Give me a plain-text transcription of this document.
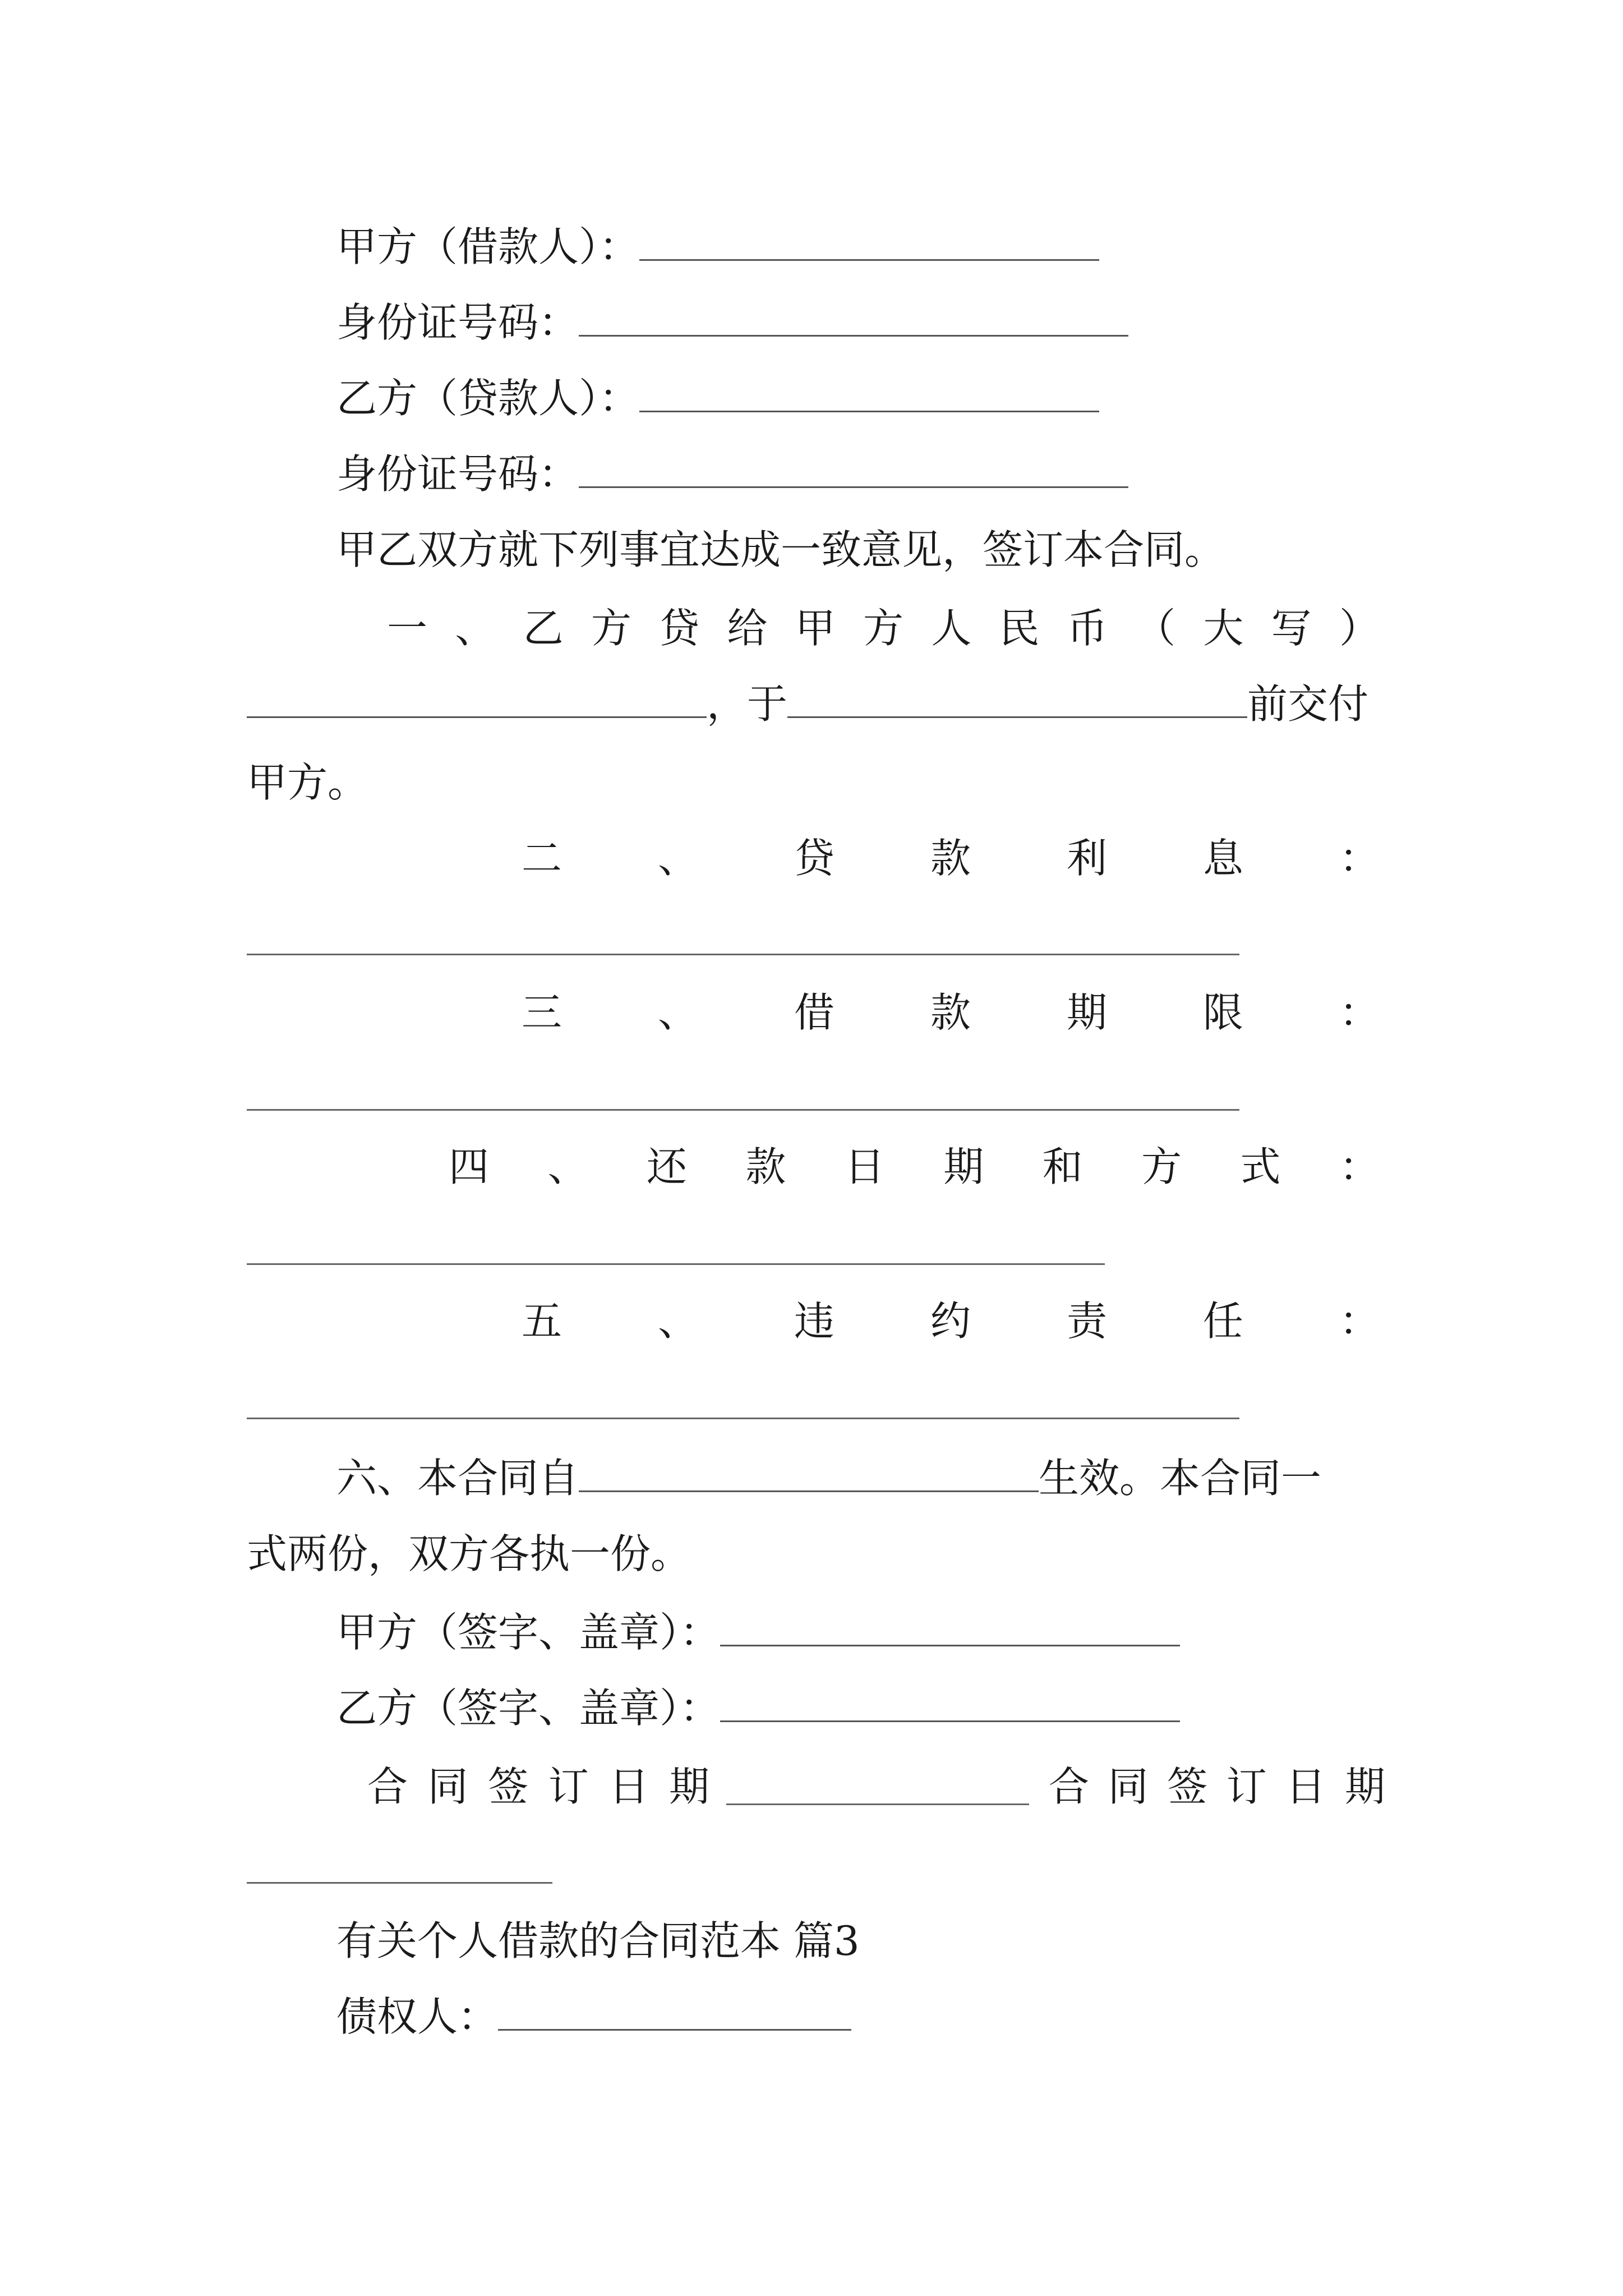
甲方（借款人）：
身份证号码：
乙方（贷款人）：
身份证号码：
甲乙双方就下列事宜达成一致意见，签订本合同。
一 、 乙 方 贷 给 甲 方 人 民 币 （ 大 写 ）
，于	前交付
甲方。
二 、 贷 款 利 息 ：
三 、 借 款 期 限 ：
四 、 还 款 日 期 和 方 式 ：
五 、 违 约 责 任 ：
六、本合同自	生效。本合同一
式两份，双方各执一份。
甲方（签字、盖章）：
乙方（签字、盖章）：
合 同 签 订 日 期	合 同 签 订 日 期
有关个人借款的合同范本 篇3
债权人：
